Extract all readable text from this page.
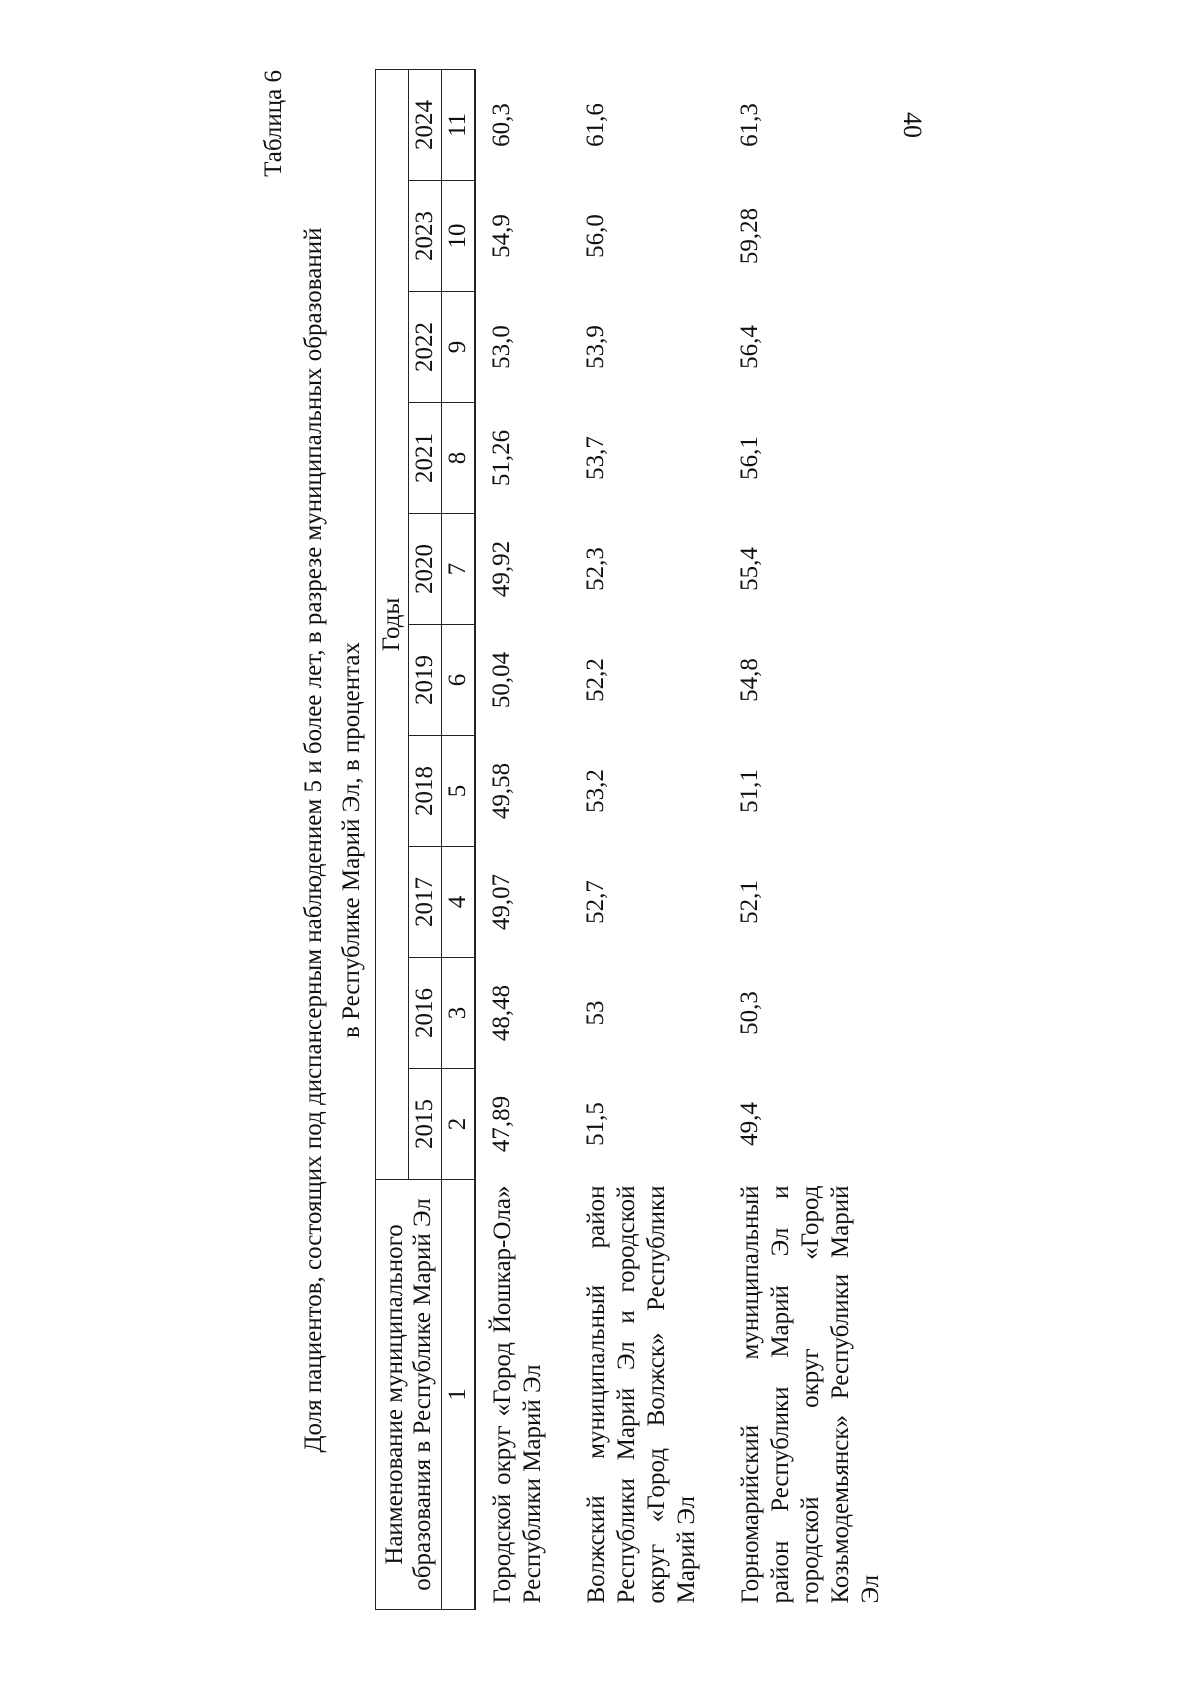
40
Таблица 6
Доля пациентов, состоящих под диспансерным наблюдением 5 и более лет, в разрезе муниципальных образований в Республике Марий Эл, в процентах
Наименование муниципального образования в Республике Марий Эл	Годы									
	2015	2016	2017	2018	2019	2020	2021	2022	2023	2024
1	2	3	4	5	6	7	8	9	10	11
Городской округ «Город Йошкар-Ола» Республики Марий Эл	47,89	48,48	49,07	49,58	50,04	49,92	51,26	53,0	54,9	60,3
Волжский муниципальный район Республики Марий Эл и городской округ «Город Волжск» Республики Марий Эл	51,5	53	52,7	53,2	52,2	52,3	53,7	53,9	56,0	61,6
Горномарийский муниципальный район Республики Марий Эл и городской округ «Город Козьмодемьянск» Республики Марий Эл	49,4	50,3	52,1	51,1	54,8	55,4	56,1	56,4	59,28	61,3
